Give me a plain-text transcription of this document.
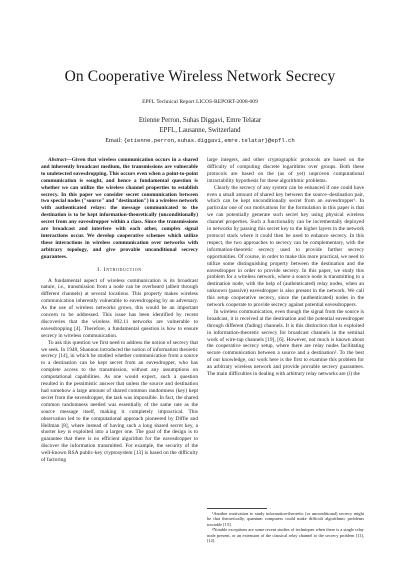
On Cooperative Wireless Network Secrecy
EPFL Technical Report LICOS-REPORT-2008-009
Etienne Perron, Suhas Diggavi, Emre Telatar
EPFL, Lausanne, Switzerland
Email: {etienne.perron,suhas.diggavi,emre.telatar}@epfl.ch

Abstract—Given that wireless communication occurs in a shared and inherently broadcast medium, the transmissions are vulnerable to undetected eavesdropping. This occurs even when a point-to-point communication is sought, and hence a fundamental question is whether we can utilize the wireless channel properties to establish secrecy. In this paper we consider secret communication between two special nodes ("source" and "destination") in a wireless network with authenticated relays: the message communicated to the destination is to be kept information-theoretically (unconditionally) secret from any eavesdropper within a class. Since the transmissions are broadcast and interfere with each other, complex signal interactions occur. We develop cooperative schemes which utilize these interactions in wireless communication over networks with arbitrary topology, and give provable unconditional secrecy guarantees.

I. Introduction

A fundamental aspect of wireless communication is its broadcast nature, i.e., transmission from a node can be overheard (albeit through different channels) at several locations. This property makes wireless communication inherently vulnerable to eavesdropping by an adversary. As the use of wireless networks grows, this would be an important concern to be addressed. This issue has been identified by recent discoveries that the wireless 802.11 networks are vulnerable to eavesdropping [4]. Therefore, a fundamental question is how to ensure secrecy in wireless communication.

To ask this question we first need to address the notion of secrecy that we seek. In 1948, Shannon introduced the notion of information theoretic secrecy [14], in which he studied whether communication from a source to a destination can be kept secret from an eavesdropper, who has complete access to the transmission, without any assumptions on computational capabilities. As one would expect, such a question resulted in the pessimistic answer that unless the source and destination had somehow a large amount of shared common randomness (key) kept secret from the eavesdropper, the task was impossible. In fact, the shared common randomness needed was essentially of the same rate as the source message itself, making it completely impractical. This observation led to the computational approach pioneered by Diffie and Hellman [8], where instead of having such a long shared secret key, a shorter key is exploited into a larger one. The goal of the design is to guarantee that there is no efficient algorithm for the eavesdropper to discover the information transmitted. For example, the security of the well-known RSA public-key cryptosystem [13] is based on the difficulty of factoring

large integers, and other cryptographic protocols are based on the difficulty of computing discrete logarithms over groups. Both these protocols are based on the (as of yet) unproven computational intractability hypothesis for these algorithmic problems.

Clearly the secrecy of any system can be enhanced if one could have even a small amount of shared key between the source–destination pair, which can be kept unconditionally secret from an eavesdropper¹. In particular one of our motivations for the formulation in this paper is that we can potentially generate such secret key using physical wireless channel properties. Such a functionality can be incrementally deployed in networks by passing this secret key to the higher layers in the network protocol stack where it could then be used to enhance secrecy. In this respect, the two approaches to secrecy can be complementary, with the information-theoretic secrecy used to provide further secrecy opportunities. Of course, in order to make this more practical, we need to utilize some distinguishing property between the destination and the eavesdropper in order to provide secrecy. In this paper, we study this problem for a wireless network, where a source node is transmitting to a destination node, with the help of (authenticated) relay nodes, when an unknown (passive) eavesdropper is also present in the network. We call this setup cooperative secrecy, since the (authenticated) nodes in the network cooperate to provide secrecy against potential eavesdroppers.

In wireless communication, even though the signal from the source is broadcast, it is received at the destination and the potential eavesdropper through different (fading) channels. It is this distinction that is exploited in information-theoretic secrecy for broadcast channels in the seminal work of wire-tap channels [19], [6]. However, not much is known about the cooperative secrecy setup, where there are relay nodes facilitating secure communication between a source and a destination². To the best of our knowledge, our work here is the first to examine this problem for an arbitrary wireless network and provide provable secrecy guarantees. The main difficulties in dealing with arbitrary relay networks are (i) the

¹Another motivation to study information-theoretic (or unconditional) secrecy might be that theoretically, quantum computers could make difficult algorithmic problems tractable [15].

²Notable exceptions are some recent studies of techniques when there is a single relay node present, or an extension of the classical relay channel to the secrecy problem [11], [12].
